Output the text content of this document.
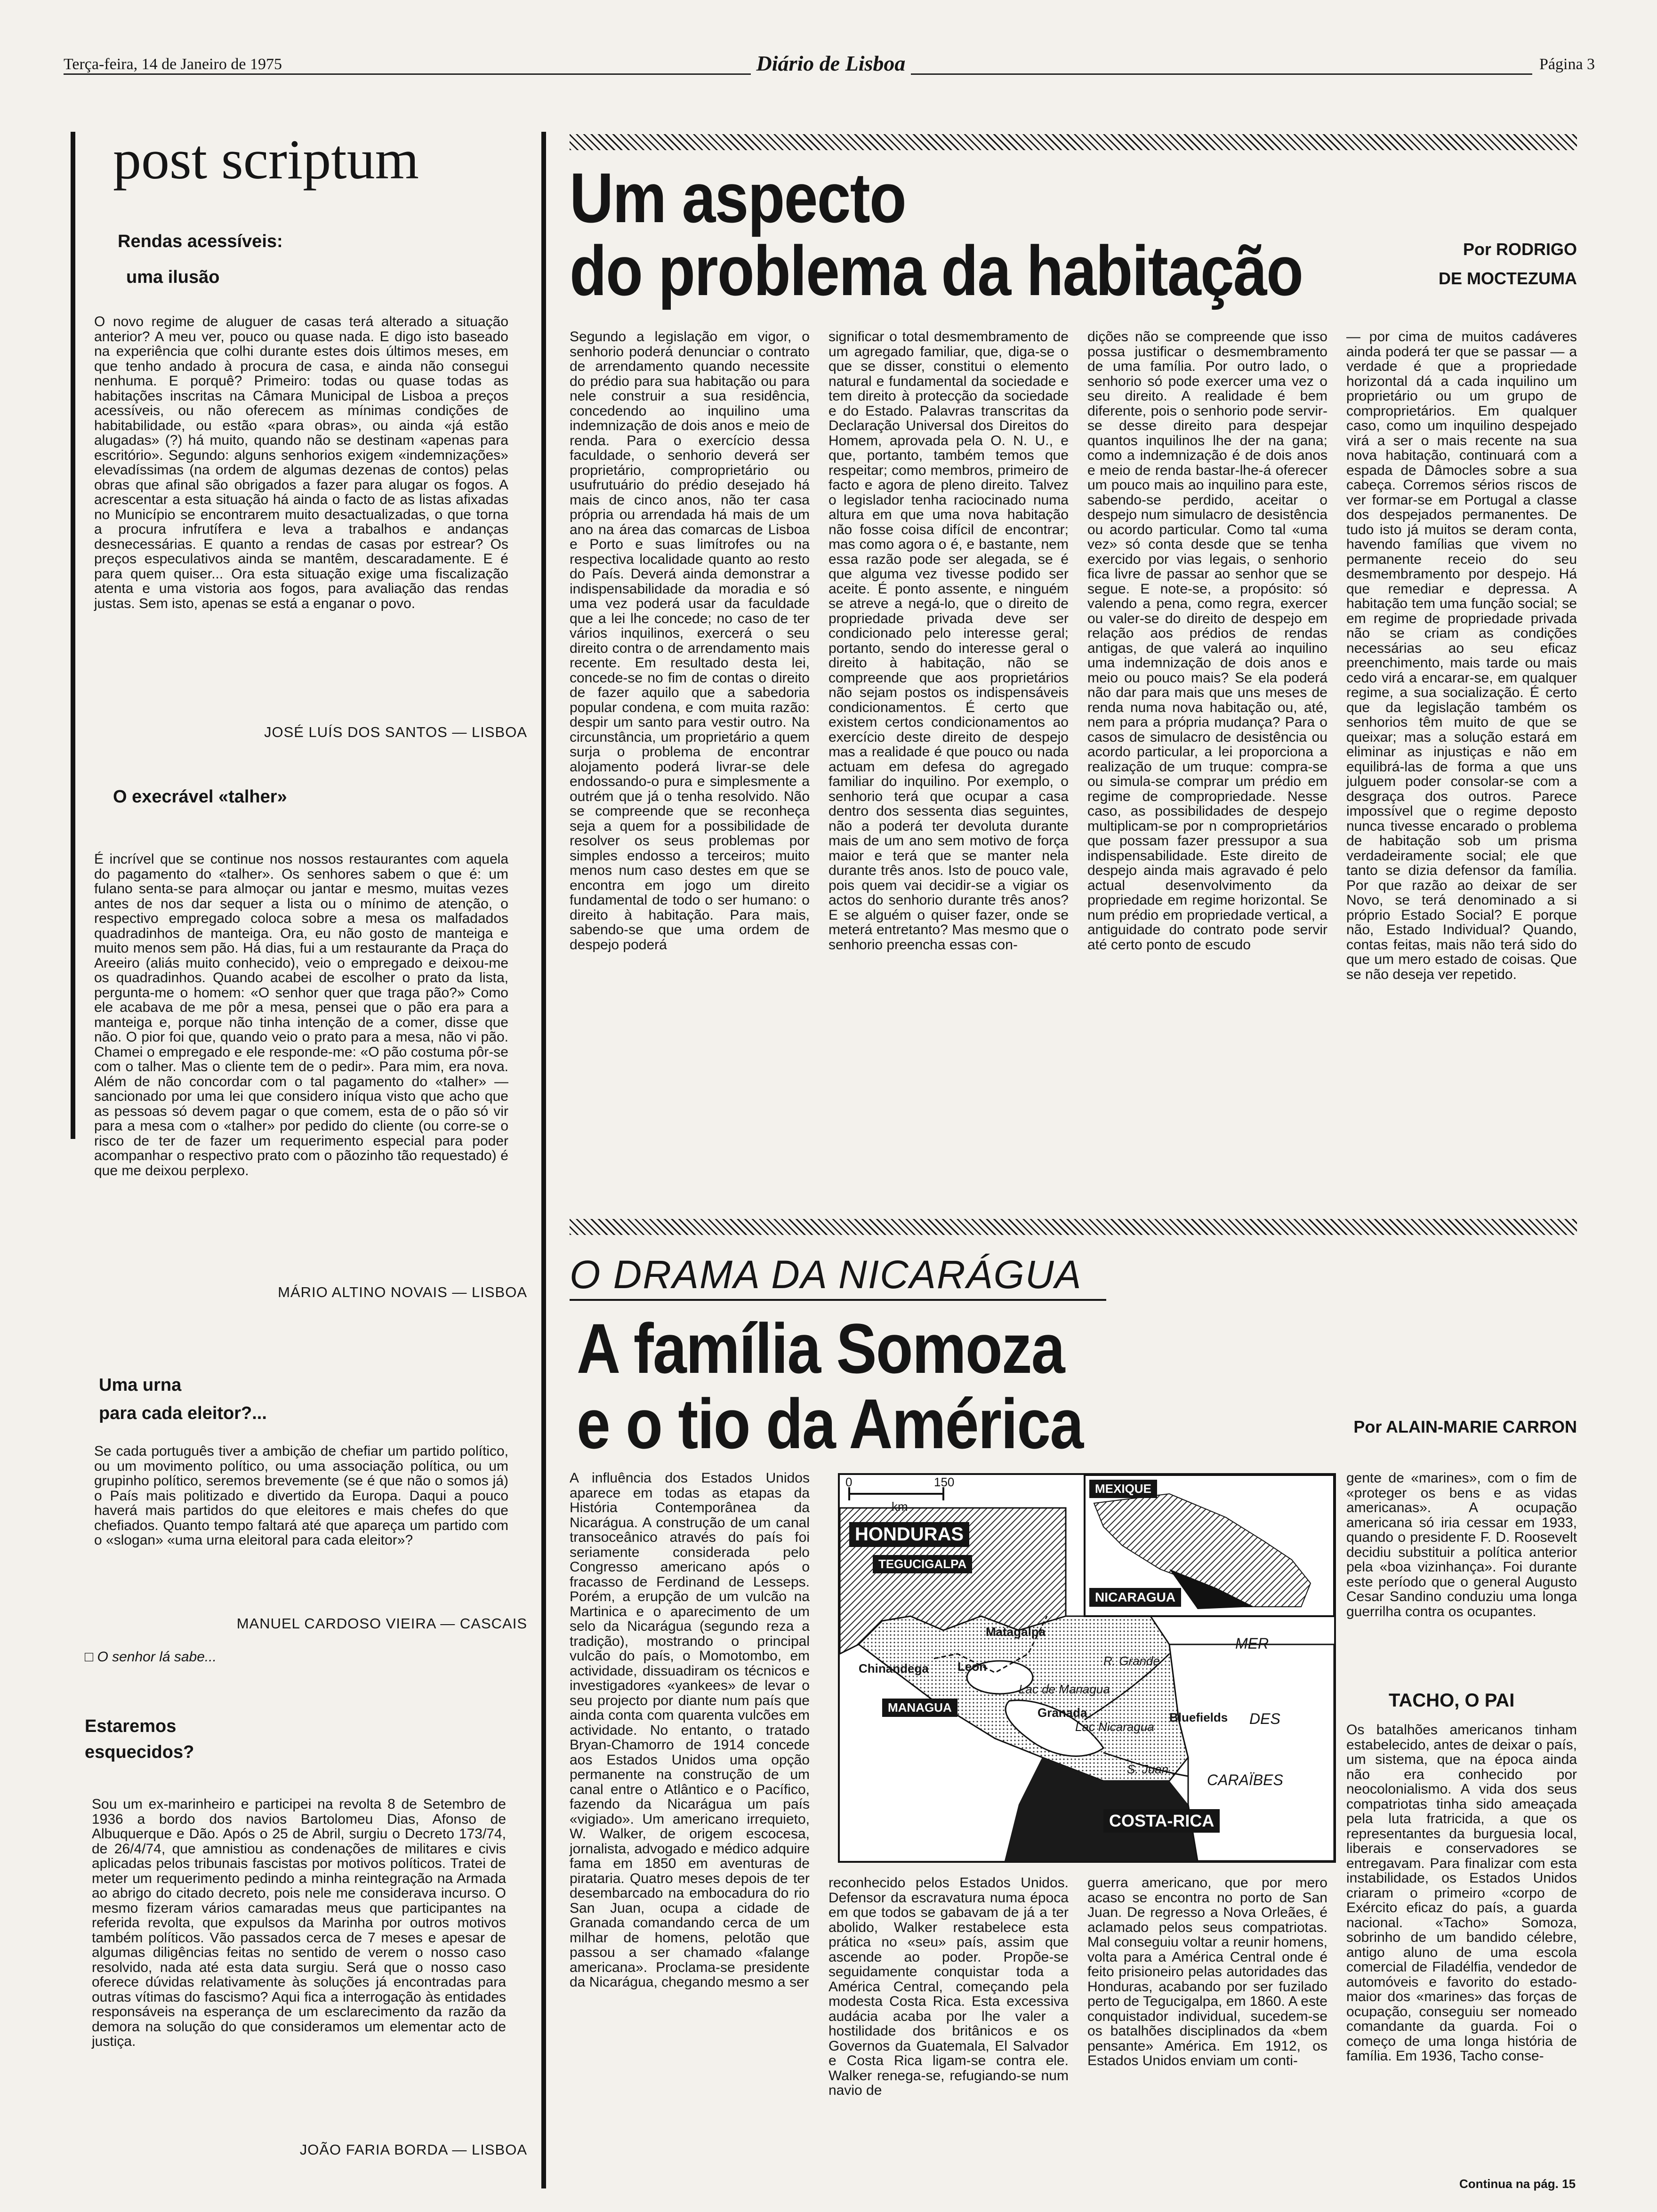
Terça-feira, 14 de Janeiro de 1975	Diário de Lisboa	Página 3
post scriptum
Rendas acessíveis:
uma ilusão
O novo regime de aluguer de casas terá alterado a situação anterior? A meu ver, pouco ou quase nada. E digo isto baseado na experiência que colhi durante estes dois últimos meses, em que tenho andado à procura de casa, e ainda não consegui nenhuma. E porquê? Primeiro: todas ou quase todas as habitações inscritas na Câmara Municipal de Lisboa a preços acessíveis, ou não oferecem as mínimas condições de habitabilidade, ou estão «para obras», ou ainda «já estão alugadas» (?) há muito, quando não se destinam «apenas para escritório». Segundo: alguns senhorios exigem «indemnizações» elevadíssimas (na ordem de algumas dezenas de contos) pelas obras que afinal são obrigados a fazer para alugar os fogos. A acrescentar a esta situação há ainda o facto de as listas afixadas no Município se encontrarem muito desactualizadas, o que torna a procura infrutífera e leva a trabalhos e andanças desnecessárias. E quanto a rendas de casas por estrear? Os preços especulativos ainda se mantêm, descaradamente. E é para quem quiser... Ora esta situação exige uma fiscalização atenta e uma vistoria aos fogos, para avaliação das rendas justas. Sem isto, apenas se está a enganar o povo.
JOSÉ LUÍS DOS SANTOS — LISBOA
O execrável «talher»
É incrível que se continue nos nossos restaurantes com aquela do pagamento do «talher». Os senhores sabem o que é: um fulano senta-se para almoçar ou jantar e mesmo, muitas vezes antes de nos dar sequer a lista ou o mínimo de atenção, o respectivo empregado coloca sobre a mesa os malfadados quadradinhos de manteiga. Ora, eu não gosto de manteiga e muito menos sem pão. Há dias, fui a um restaurante da Praça do Areeiro (aliás muito conhecido), veio o empregado e deixou-me os quadradinhos. Quando acabei de escolher o prato da lista, pergunta-me o homem: «O senhor quer que traga pão?» Como ele acabava de me pôr a mesa, pensei que o pão era para a manteiga e, porque não tinha intenção de a comer, disse que não. O pior foi que, quando veio o prato para a mesa, não vi pão. Chamei o empregado e ele responde-me: «O pão costuma pôr-se com o talher. Mas o cliente tem de o pedir». Para mim, era nova. Além de não concordar com o tal pagamento do «talher» — sancionado por uma lei que considero iníqua visto que acho que as pessoas só devem pagar o que comem, esta de o pão só vir para a mesa com o «talher» por pedido do cliente (ou corre-se o risco de ter de fazer um requerimento especial para poder acompanhar o respectivo prato com o pãozinho tão requestado) é que me deixou perplexo.
MÁRIO ALTINO NOVAIS — LISBOA
Uma urna
para cada eleitor?...
Se cada português tiver a ambição de chefiar um partido político, ou um movimento político, ou uma associação política, ou um grupinho político, seremos brevemente (se é que não o somos já) o País mais politizado e divertido da Europa. Daqui a pouco haverá mais partidos do que eleitores e mais chefes do que chefiados. Quanto tempo faltará até que apareça um partido com o «slogan» «uma urna eleitoral para cada eleitor»?
MANUEL CARDOSO VIEIRA — CASCAIS
□ O senhor lá sabe...
Estaremos
esquecidos?
Sou um ex-marinheiro e participei na revolta 8 de Setembro de 1936 a bordo dos navios Bartolomeu Dias, Afonso de Albuquerque e Dão. Após o 25 de Abril, surgiu o Decreto 173/74, de 26/4/74, que amnistiou as condenações de militares e civis aplicadas pelos tribunais fascistas por motivos políticos. Tratei de meter um requerimento pedindo a minha reintegração na Armada ao abrigo do citado decreto, pois nele me considerava incurso. O mesmo fizeram vários camaradas meus que participantes na referida revolta, que expulsos da Marinha por outros motivos também políticos. Vão passados cerca de 7 meses e apesar de algumas diligências feitas no sentido de verem o nosso caso resolvido, nada até esta data surgiu. Será que o nosso caso oferece dúvidas relativamente às soluções já encontradas para outras vítimas do fascismo? Aqui fica a interrogação às entidades responsáveis na esperança de um esclarecimento da razão da demora na solução do que consideramos um elementar acto de justiça.
JOÃO FARIA BORDA — LISBOA
Um aspecto
do problema da habitação	Por RODRIGO
DE MOCTEZUMA
Segundo a legislação em vigor, o senhorio poderá denunciar o contrato de arrendamento quando necessite do prédio para sua habitação ou para nele construir a sua residência, concedendo ao inquilino uma indemnização de dois anos e meio de renda. Para o exercício dessa faculdade, o senhorio deverá ser proprietário, comproprietário ou usufrutuário do prédio desejado há mais de cinco anos, não ter casa própria ou arrendada há mais de um ano na área das comarcas de Lisboa e Porto e suas limítrofes ou na respectiva localidade quanto ao resto do País. Deverá ainda demonstrar a indispensabilidade da moradia e só uma vez poderá usar da faculdade que a lei lhe concede; no caso de ter vários inquilinos, exercerá o seu direito contra o de arrendamento mais recente. Em resultado desta lei, concede-se no fim de contas o direito de fazer aquilo que a sabedoria popular condena, e com muita razão: despir um santo para vestir outro. Na circunstância, um proprietário a quem surja o problema de encontrar alojamento poderá livrar-se dele endossando-o pura e simplesmente a outrém que já o tenha resolvido. Não se compreende que se reconheça seja a quem for a possibilidade de resolver os seus problemas por simples endosso a terceiros; muito menos num caso destes em que se encontra em jogo um direito fundamental de todo o ser humano: o direito à habitação. Para mais, sabendo-se que uma ordem de despejo poderá
significar o total desmembramento de um agregado familiar, que, diga-se o que se disser, constitui o elemento natural e fundamental da sociedade e tem direito à protecção da sociedade e do Estado. Palavras transcritas da Declaração Universal dos Direitos do Homem, aprovada pela O. N. U., e que, portanto, também temos que respeitar; como membros, primeiro de facto e agora de pleno direito. Talvez o legislador tenha raciocinado numa altura em que uma nova habitação não fosse coisa difícil de encontrar; mas como agora o é, e bastante, nem essa razão pode ser alegada, se é que alguma vez tivesse podido ser aceite. É ponto assente, e ninguém se atreve a negá-lo, que o direito de propriedade privada deve ser condicionado pelo interesse geral; portanto, sendo do interesse geral o direito à habitação, não se compreende que aos proprietários não sejam postos os indispensáveis condicionamentos. É certo que existem certos condicionamentos ao exercício deste direito de despejo mas a realidade é que pouco ou nada actuam em defesa do agregado familiar do inquilino. Por exemplo, o senhorio terá que ocupar a casa dentro dos sessenta dias seguintes, não a poderá ter devoluta durante mais de um ano sem motivo de força maior e terá que se manter nela durante três anos. Isto de pouco vale, pois quem vai decidir-se a vigiar os actos do senhorio durante três anos? E se alguém o quiser fazer, onde se meterá entretanto? Mas mesmo que o senhorio preencha essas con-
dições não se compreende que isso possa justificar o desmembramento de uma família. Por outro lado, o senhorio só pode exercer uma vez o seu direito. A realidade é bem diferente, pois o senhorio pode servir-se desse direito para despejar quantos inquilinos lhe der na gana; como a indemnização é de dois anos e meio de renda bastar-lhe-á oferecer um pouco mais ao inquilino para este, sabendo-se perdido, aceitar o despejo num simulacro de desistência ou acordo particular. Como tal «uma vez» só conta desde que se tenha exercido por vias legais, o senhorio fica livre de passar ao senhor que se segue. E note-se, a propósito: só valendo a pena, como regra, exercer ou valer-se do direito de despejo em relação aos prédios de rendas antigas, de que valerá ao inquilino uma indemnização de dois anos e meio ou pouco mais? Se ela poderá não dar para mais que uns meses de renda numa nova habitação ou, até, nem para a própria mudança? Para o casos de simulacro de desistência ou acordo particular, a lei proporciona a realização de um truque: compra-se ou simula-se comprar um prédio em regime de compropriedade. Nesse caso, as possibilidades de despejo multiplicam-se por n comproprietários que possam fazer pressupor a sua indispensabilidade. Este direito de despejo ainda mais agravado é pelo actual desenvolvimento da propriedade em regime horizontal. Se num prédio em propriedade vertical, a antiguidade do contrato pode servir até certo ponto de escudo
— por cima de muitos cadáveres ainda poderá ter que se passar — a verdade é que a propriedade horizontal dá a cada inquilino um proprietário ou um grupo de comproprietários. Em qualquer caso, como um inquilino despejado virá a ser o mais recente na sua nova habitação, continuará com a espada de Dâmocles sobre a sua cabeça. Corremos sérios riscos de ver formar-se em Portugal a classe dos despejados permanentes. De tudo isto já muitos se deram conta, havendo famílias que vivem no permanente receio do seu desmembramento por despejo. Há que remediar e depressa. A habitação tem uma função social; se em regime de propriedade privada não se criam as condições necessárias ao seu eficaz preenchimento, mais tarde ou mais cedo virá a encarar-se, em qualquer regime, a sua socialização. É certo que da legislação também os senhorios têm muito de que se queixar; mas a solução estará em eliminar as injustiças e não em equilibrá-las de forma a que uns julguem poder consolar-se com a desgraça dos outros. Parece impossível que o regime deposto nunca tivesse encarado o problema de habitação sob um prisma verdadeiramente social; ele que tanto se dizia defensor da família. Por que razão ao deixar de ser Novo, se terá denominado a si próprio Estado Social? E porque não, Estado Individual? Quando, contas feitas, mais não terá sido do que um mero estado de coisas. Que se não deseja ver repetido.
O DRAMA DA NICARÁGUA
A família Somoza
e o tio da América	Por ALAIN-MARIE CARRON
A influência dos Estados Unidos aparece em todas as etapas da História Contemporânea da Nicarágua. A construção de um canal transoceânico através do país foi seriamente considerada pelo Congresso americano após o fracasso de Ferdinand de Lesseps. Porém, a erupção de um vulcão na Martinica e o aparecimento de um selo da Nicarágua (segundo reza a tradição), mostrando o principal vulcão do país, o Momotombo, em actividade, dissuadiram os técnicos e investigadores «yankees» de levar o seu projecto por diante num país que ainda conta com quarenta vulcões em actividade. No entanto, o tratado Bryan-Chamorro de 1914 concede aos Estados Unidos uma opção permanente na construção de um canal entre o Atlântico e o Pacífico, fazendo da Nicarágua um país «vigiado». Um americano irrequieto, W. Walker, de origem escocesa, jornalista, advogado e médico adquire fama em 1850 em aventuras de pirataria. Quatro meses depois de ter desembarcado na embocadura do rio San Juan, ocupa a cidade de Granada comandando cerca de um milhar de homens, pelotão que passou a ser chamado «falange americana». Proclama-se presidente da Nicarágua, chegando mesmo a ser
0	150
km
HONDURAS
TEGUCIGALPA
MEXIQUE
NICARAGUA
Matagalpa
Chinandega Leon
MANAGUA
Lac de Managua
Granada
Lac Nicaragua
R. Grande
Bluefields
S. Juan
MER
DES
CARAÏBES
COSTA-RICA
reconhecido pelos Estados Unidos. Defensor da escravatura numa época em que todos se gabavam de já a ter abolido, Walker restabelece esta prática no «seu» país, assim que ascende ao poder. Propõe-se seguidamente conquistar toda a América Central, começando pela modesta Costa Rica. Esta excessiva audácia acaba por lhe valer a hostilidade dos britânicos e os Governos da Guatemala, El Salvador e Costa Rica ligam-se contra ele. Walker renega-se, refugiando-se num navio de
guerra americano, que por mero acaso se encontra no porto de San Juan. De regresso a Nova Orleães, é aclamado pelos seus compatriotas. Mal conseguiu voltar a reunir homens, volta para a América Central onde é feito prisioneiro pelas autoridades das Honduras, acabando por ser fuzilado perto de Tegucigalpa, em 1860. A este conquistador individual, sucedem-se os batalhões disciplinados da «bem pensante» América. Em 1912, os Estados Unidos enviam um conti-
gente de «marines», com o fim de «proteger os bens e as vidas americanas». A ocupação americana só iria cessar em 1933, quando o presidente F. D. Roosevelt decidiu substituir a política anterior pela «boa vizinhança». Foi durante este período que o general Augusto Cesar Sandino conduziu uma longa guerrilha contra os ocupantes.
TACHO, O PAI
Os batalhões americanos tinham estabelecido, antes de deixar o país, um sistema, que na época ainda não era conhecido por neocolonialismo. A vida dos seus compatriotas tinha sido ameaçada pela luta fratricida, a que os representantes da burguesia local, liberais e conservadores se entregavam. Para finalizar com esta instabilidade, os Estados Unidos criaram o primeiro «corpo de Exército eficaz do país, a guarda nacional. «Tacho» Somoza, sobrinho de um bandido célebre, antigo aluno de uma escola comercial de Filadélfia, vendedor de automóveis e favorito do estado-maior dos «marines» das forças de ocupação, conseguiu ser nomeado comandante da guarda. Foi o começo de uma longa história de família. Em 1936, Tacho conse-
Continua na pág. 15
